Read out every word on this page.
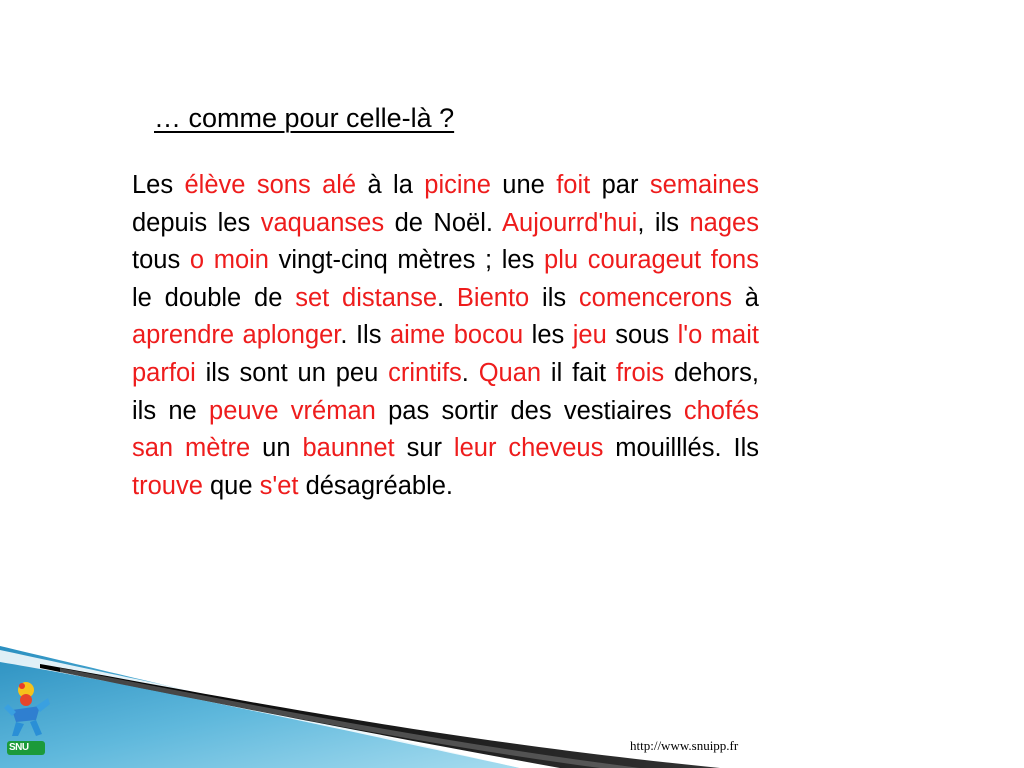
… comme pour celle-là ?

Les élève sons alé à la picine une foit par semaines depuis les vaquanses de Noël. Aujourrd'hui, ils nages tous o moin vingt-cinq mètres ; les plu courageut fons le double de set distanse. Biento ils comencerons à aprendre aplonger. Ils aime bocou les jeu sous l'o mait parfoi ils sont un peu crintifs. Quan il fait frois dehors, ils ne peuve vréman pas sortir des vestiaires chofés san mètre un baunnet sur leur cheveus mouilllés. Ils trouve que s'et désagréable.

SNU	http://www.snuipp.fr
